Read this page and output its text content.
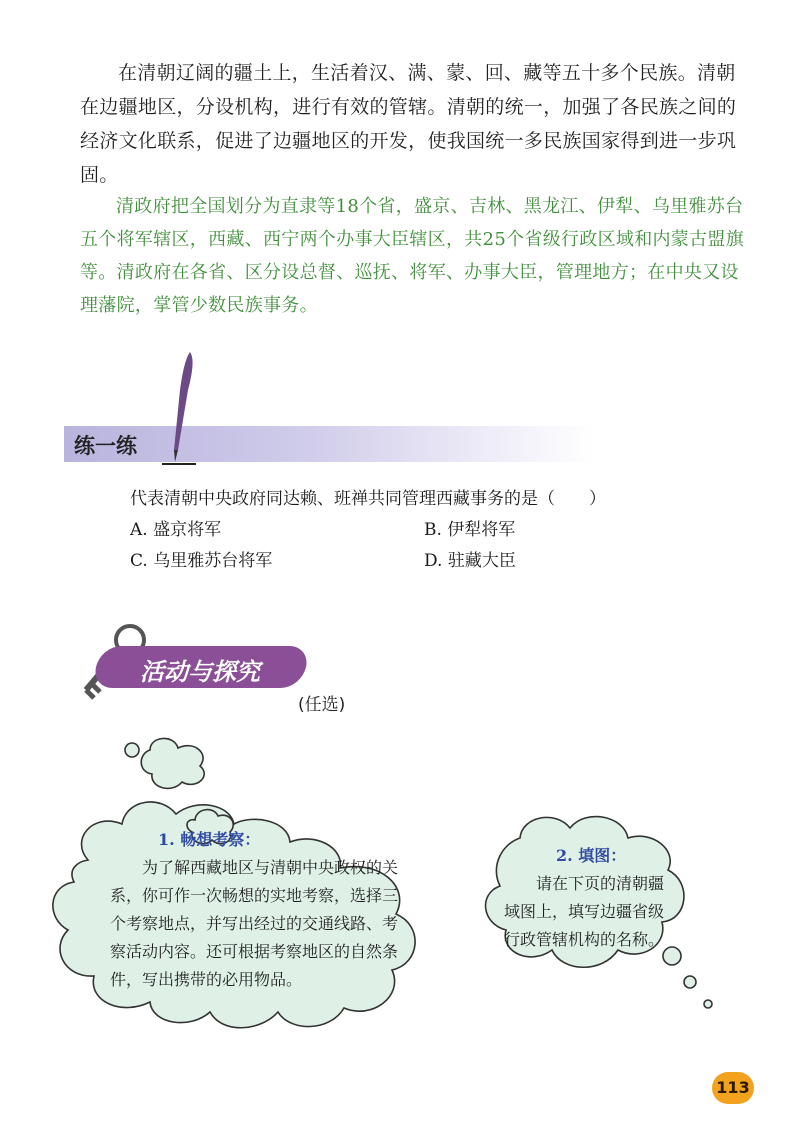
在清朝辽阔的疆土上，生活着汉、满、蒙、回、藏等五十多个民族。清朝在边疆地区，分设机构，进行有效的管辖。清朝的统一，加强了各民族之间的经济文化联系，促进了边疆地区的开发，使我国统一多民族国家得到进一步巩固。

清政府把全国划分为直隶等18个省，盛京、吉林、黑龙江、伊犁、乌里雅苏台五个将军辖区，西藏、西宁两个办事大臣辖区，共25个省级行政区域和内蒙古盟旗等。清政府在各省、区分设总督、巡抚、将军、办事大臣，管理地方；在中央又设理藩院，掌管少数民族事务。

练一练
代表清朝中央政府同达赖、班禅共同管理西藏事务的是（　　）
A. 盛京将军	B. 伊犁将军
C. 乌里雅苏台将军	D. 驻藏大臣
活动与探究
(任选)
1. 畅想考察：
为了解西藏地区与清朝中央政权的关系，你可作一次畅想的实地考察，选择三个考察地点，并写出经过的交通线路、考察活动内容。还可根据考察地区的自然条件，写出携带的必用物品。
2. 填图：
请在下页的清朝疆域图上，填写边疆省级行政管辖机构的名称。
113
